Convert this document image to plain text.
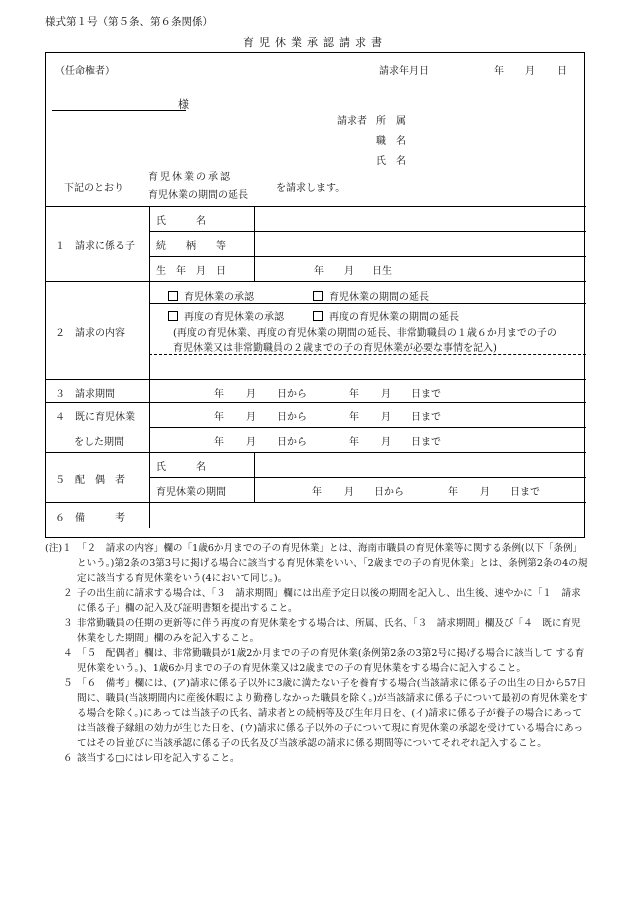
様式第１号（第５条、第６条関係）
育児休業承認請求書
（任命権者）	請求年月日	年 月 日
様
請求者 所　属
職　名
氏　名
下記のとおり
育児休業の承認
育児休業の期間の延長
を請求します。
１　請求に係る子
氏　　　名
続　　柄　　等
生　年　月　日	年 月 日生
２　請求の内容
育児休業の承認	育児休業の期間の延長
再度の育児休業の承認	再度の育児休業の期間の延長
(再度の育児休業、再度の育児休業の期間の延長、非常勤職員の１歳６か月までの子の
育児休業又は非常勤職員の２歳までの子の育児休業が必要な事情を記入)
３　請求期間	年 月 日から	年 月 日まで
４　既に育児休業
をした期間
年 月 日から	年 月 日まで
年 月 日から	年 月 日まで
５　配　偶　者
氏　　　名
育児休業の期間	年 月 日から	年 月 日まで
６　備　　　考
(注)１ 「２　請求の内容」欄の「1歳6か月までの子の育児休業」とは、海南市職員の育児休業等に関する条例(以下「条例」という。)第2条の3第3号に掲げる場合に該当する育児休業をいい、「2歳までの子の育児休業」とは、条例第2条の4の規定に該当する育児休業をいう(4において同じ。)。
２ 子の出生前に請求する場合は、「３　請求期間」欄には出産予定日以後の期間を記入し、出生後、速やかに「１　請求に係る子」欄の記入及び証明書類を提出すること。
３ 非常勤職員の任期の更新等に伴う再度の育児休業をする場合は、所属、氏名、「３　請求期間」欄及び「４　既に育児休業をした期間」欄のみを記入すること。
４ 「５　配偶者」欄は、非常勤職員が1歳2か月までの子の育児休業(条例第2条の3第2号に掲げる場合に該当して する育児休業をいう。)、1歳6か月までの子の育児休業又は2歳までの子の育児休業をする場合に記入すること。
５ 「６　備考」欄には、(ア)請求に係る子以外に3歳に満たない子を養育する場合(当該請求に係る子の出生の日から57日間に、職員(当該期間内に産後休暇により勤務しなかった職員を除く。)が当該請求に係る子について最初の育児休業をする場合を除く。)にあっては当該子の氏名、請求者との続柄等及び生年月日を、(イ)請求に係る子が養子の場合にあっては当該養子縁組の効力が生じた日を、(ウ)請求に係る子以外の子について現に育児休業の承認を受けている場合にあってはその旨並びに当該承認に係る子の氏名及び当該承認の請求に係る期間等についてそれぞれ記入すること。
６ 該当する□にはレ印を記入すること。
